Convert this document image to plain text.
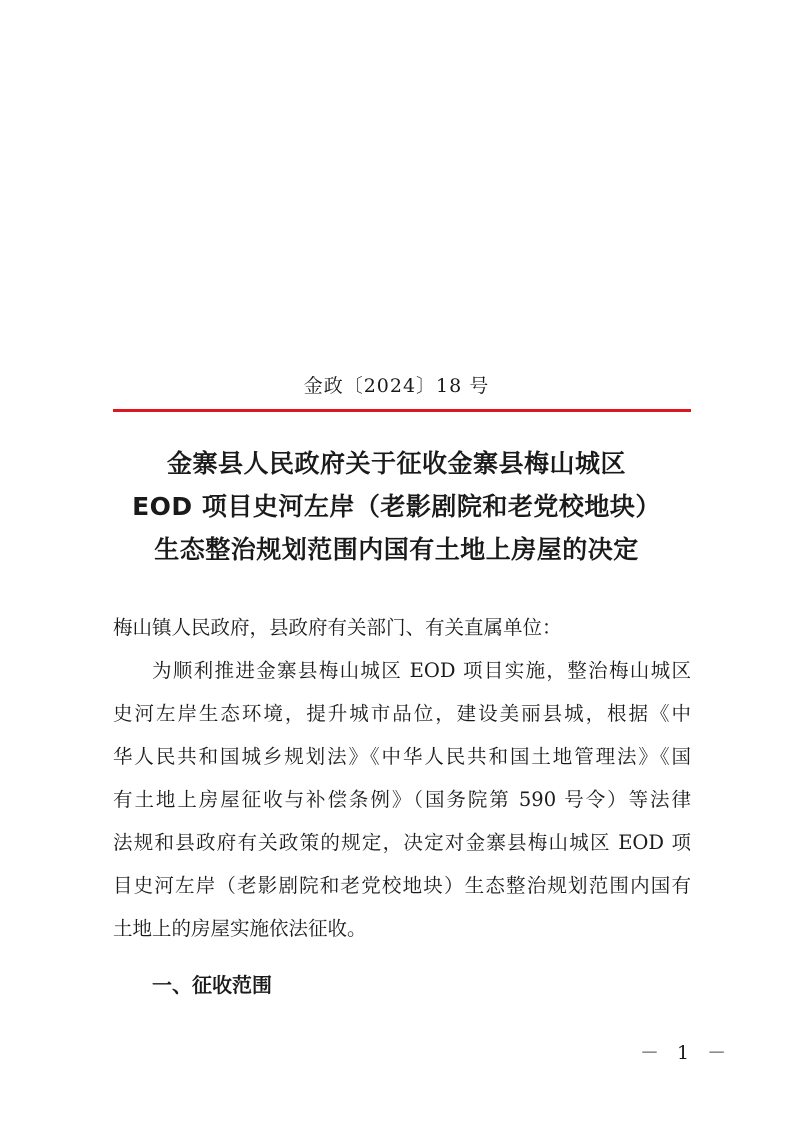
金政〔2024〕18 号
金寨县人民政府关于征收金寨县梅山城区
EOD 项目史河左岸（老影剧院和老党校地块）
生态整治规划范围内国有土地上房屋的决定
梅山镇人民政府，县政府有关部门、有关直属单位：
为顺利推进金寨县梅山城区 EOD 项目实施，整治梅山城区
史河左岸生态环境，提升城市品位，建设美丽县城，根据《中
华人民共和国城乡规划法》《中华人民共和国土地管理法》《国
有土地上房屋征收与补偿条例》（国务院第 590 号令）等法律
法规和县政府有关政策的规定，决定对金寨县梅山城区 EOD 项
目史河左岸（老影剧院和老党校地块）生态整治规划范围内国有
土地上的房屋实施依法征收。
一、征收范围
－ 1 －
